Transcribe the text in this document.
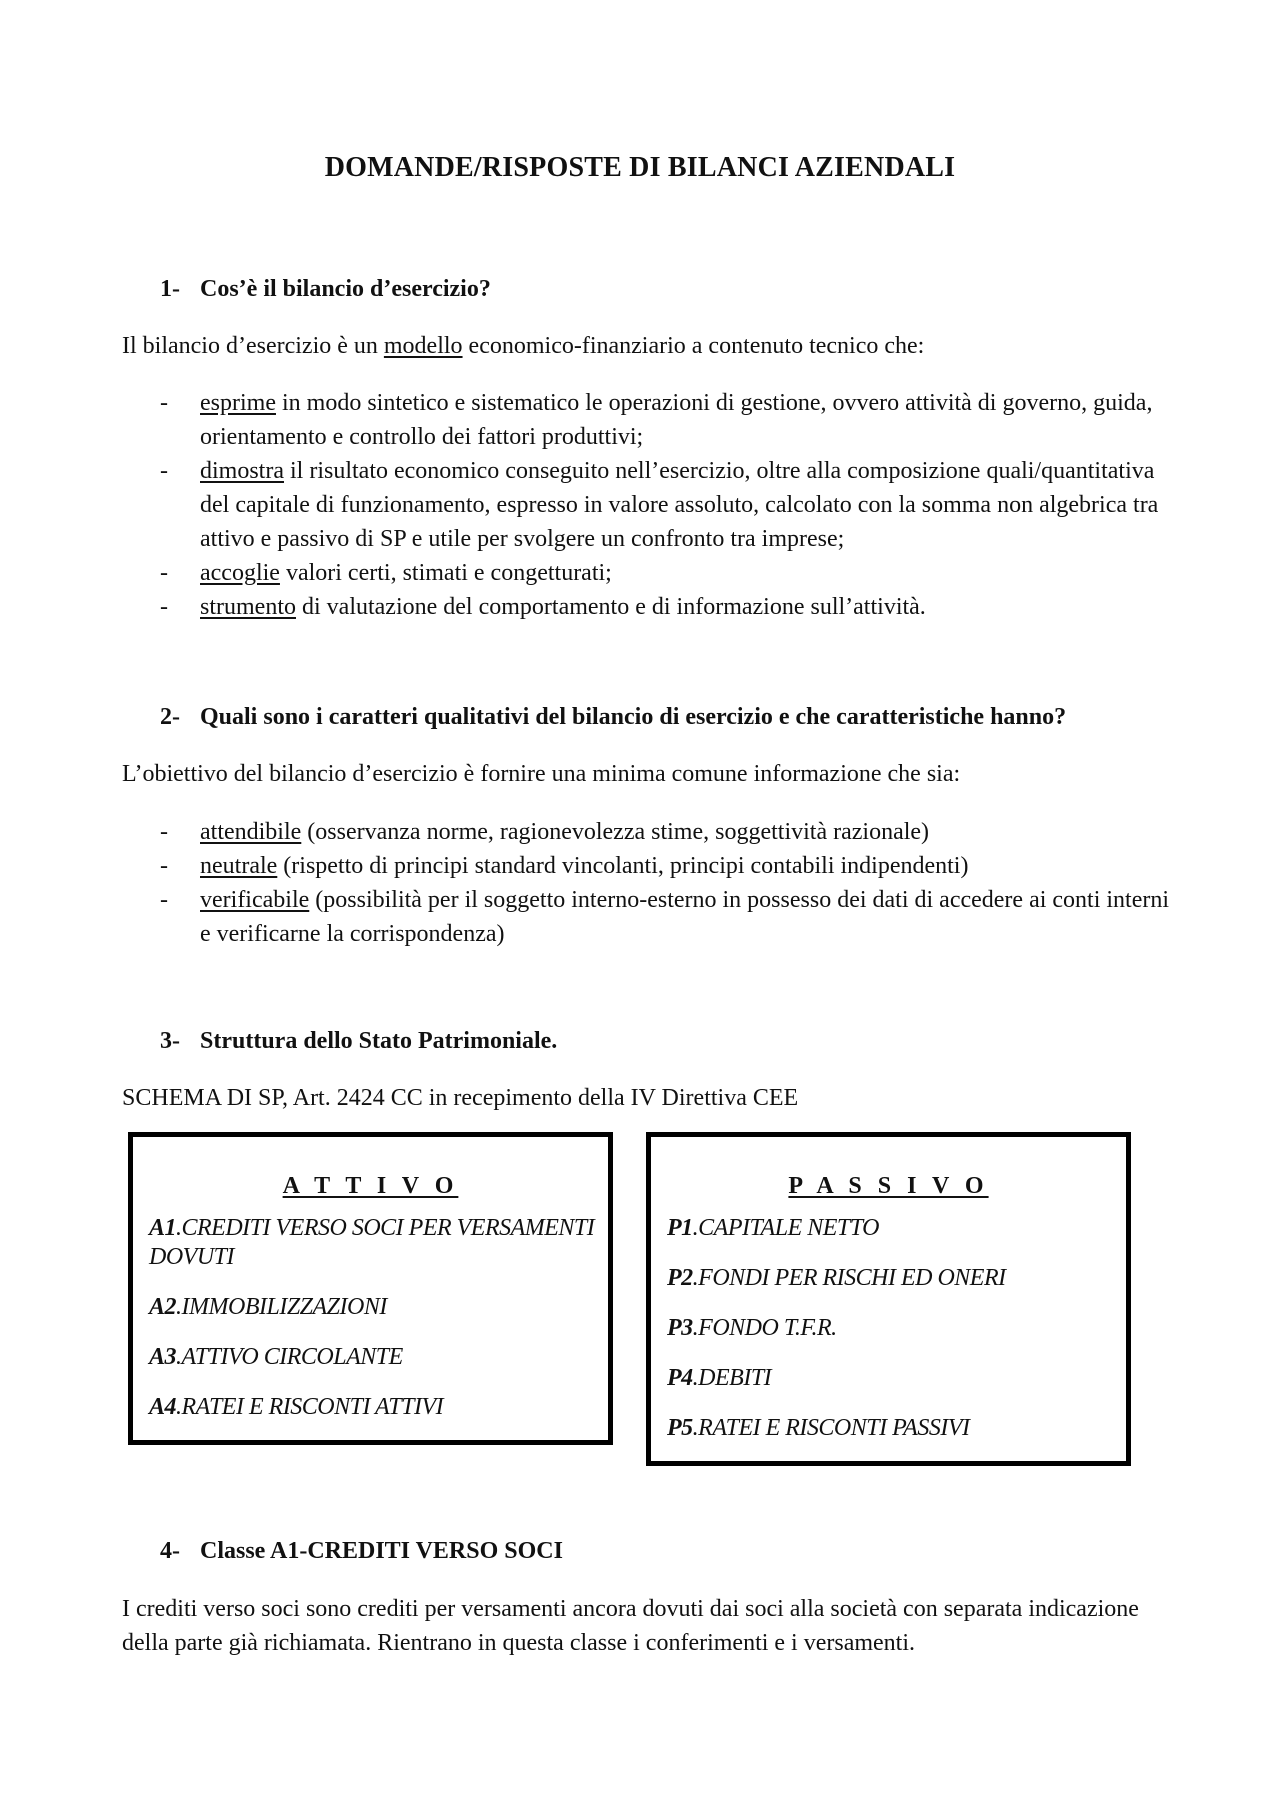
DOMANDE/RISPOSTE DI BILANCI AZIENDALI
1- Cos’è il bilancio d’esercizio?
Il bilancio d’esercizio è un modello economico-finanziario a contenuto tecnico che:
- esprime in modo sintetico e sistematico le operazioni di gestione, ovvero attività di governo, guida, orientamento e controllo dei fattori produttivi;
- dimostra il risultato economico conseguito nell’esercizio, oltre alla composizione quali/quantitativa del capitale di funzionamento, espresso in valore assoluto, calcolato con la somma non algebrica tra attivo e passivo di SP e utile per svolgere un confronto tra imprese;
- accoglie valori certi, stimati e congetturati;
- strumento di valutazione del comportamento e di informazione sull’attività.
2- Quali sono i caratteri qualitativi del bilancio di esercizio e che caratteristiche hanno?
L’obiettivo del bilancio d’esercizio è fornire una minima comune informazione che sia:
- attendibile (osservanza norme, ragionevolezza stime, soggettività razionale)
- neutrale (rispetto di principi standard vincolanti, principi contabili indipendenti)
- verificabile (possibilità per il soggetto interno-esterno in possesso dei dati di accedere ai conti interni e verificarne la corrispondenza)
3- Struttura dello Stato Patrimoniale.
SCHEMA DI SP, Art. 2424 CC in recepimento della IV Direttiva CEE
A T T I V O
A1.CREDITI VERSO SOCI PER VERSAMENTI DOVUTI
A2.IMMOBILIZZAZIONI
A3.ATTIVO CIRCOLANTE
A4.RATEI E RISCONTI ATTIVI
P A S S I V O
P1.CAPITALE NETTO
P2.FONDI PER RISCHI ED ONERI
P3.FONDO T.F.R.
P4.DEBITI
P5.RATEI E RISCONTI PASSIVI
4- Classe A1-CREDITI VERSO SOCI
I crediti verso soci sono crediti per versamenti ancora dovuti dai soci alla società con separata indicazione della parte già richiamata. Rientrano in questa classe i conferimenti e i versamenti.
